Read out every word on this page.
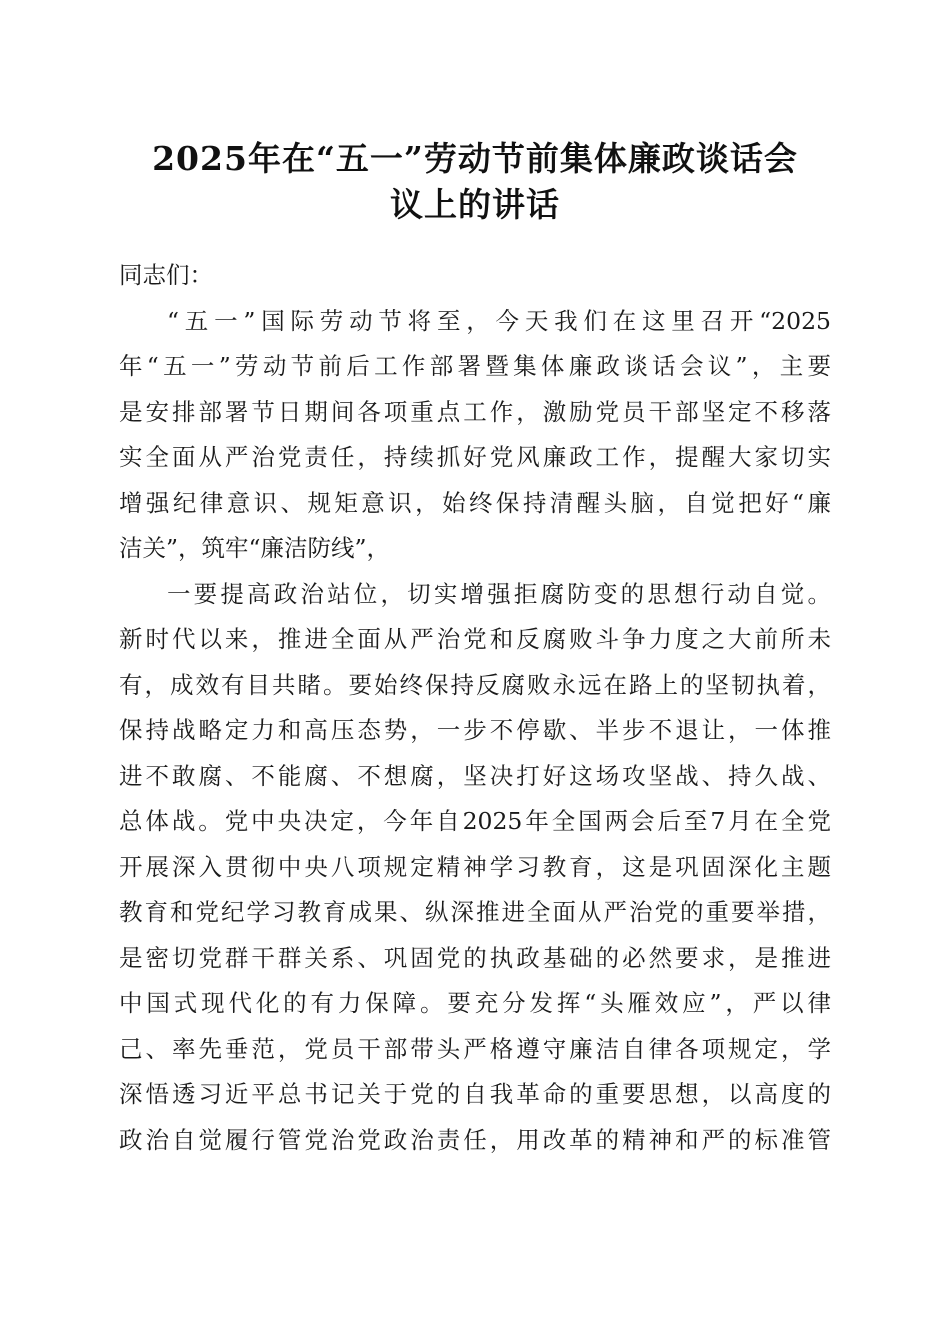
2025年在“五一”劳动节前集体廉政谈话会
议上的讲话
同志们：
“五一”国际劳动节将至，今天我们在这里召开“2025
年“五一”劳动节前后工作部署暨集体廉政谈话会议”，主要
是安排部署节日期间各项重点工作，激励党员干部坚定不移落
实全面从严治党责任，持续抓好党风廉政工作，提醒大家切实
增强纪律意识、规矩意识，始终保持清醒头脑，自觉把好“廉
洁关”，筑牢“廉洁防线”，
一要提高政治站位，切实增强拒腐防变的思想行动自觉。
新时代以来，推进全面从严治党和反腐败斗争力度之大前所未
有，成效有目共睹。要始终保持反腐败永远在路上的坚韧执着，
保持战略定力和高压态势，一步不停歇、半步不退让，一体推
进不敢腐、不能腐、不想腐，坚决打好这场攻坚战、持久战、
总体战。党中央决定，今年自2025年全国两会后至7月在全党
开展深入贯彻中央八项规定精神学习教育，这是巩固深化主题
教育和党纪学习教育成果、纵深推进全面从严治党的重要举措，
是密切党群干群关系、巩固党的执政基础的必然要求，是推进
中国式现代化的有力保障。要充分发挥“头雁效应”，严以律
己、率先垂范，党员干部带头严格遵守廉洁自律各项规定，学
深悟透习近平总书记关于党的自我革命的重要思想，以高度的
政治自觉履行管党治党政治责任，用改革的精神和严的标准管
